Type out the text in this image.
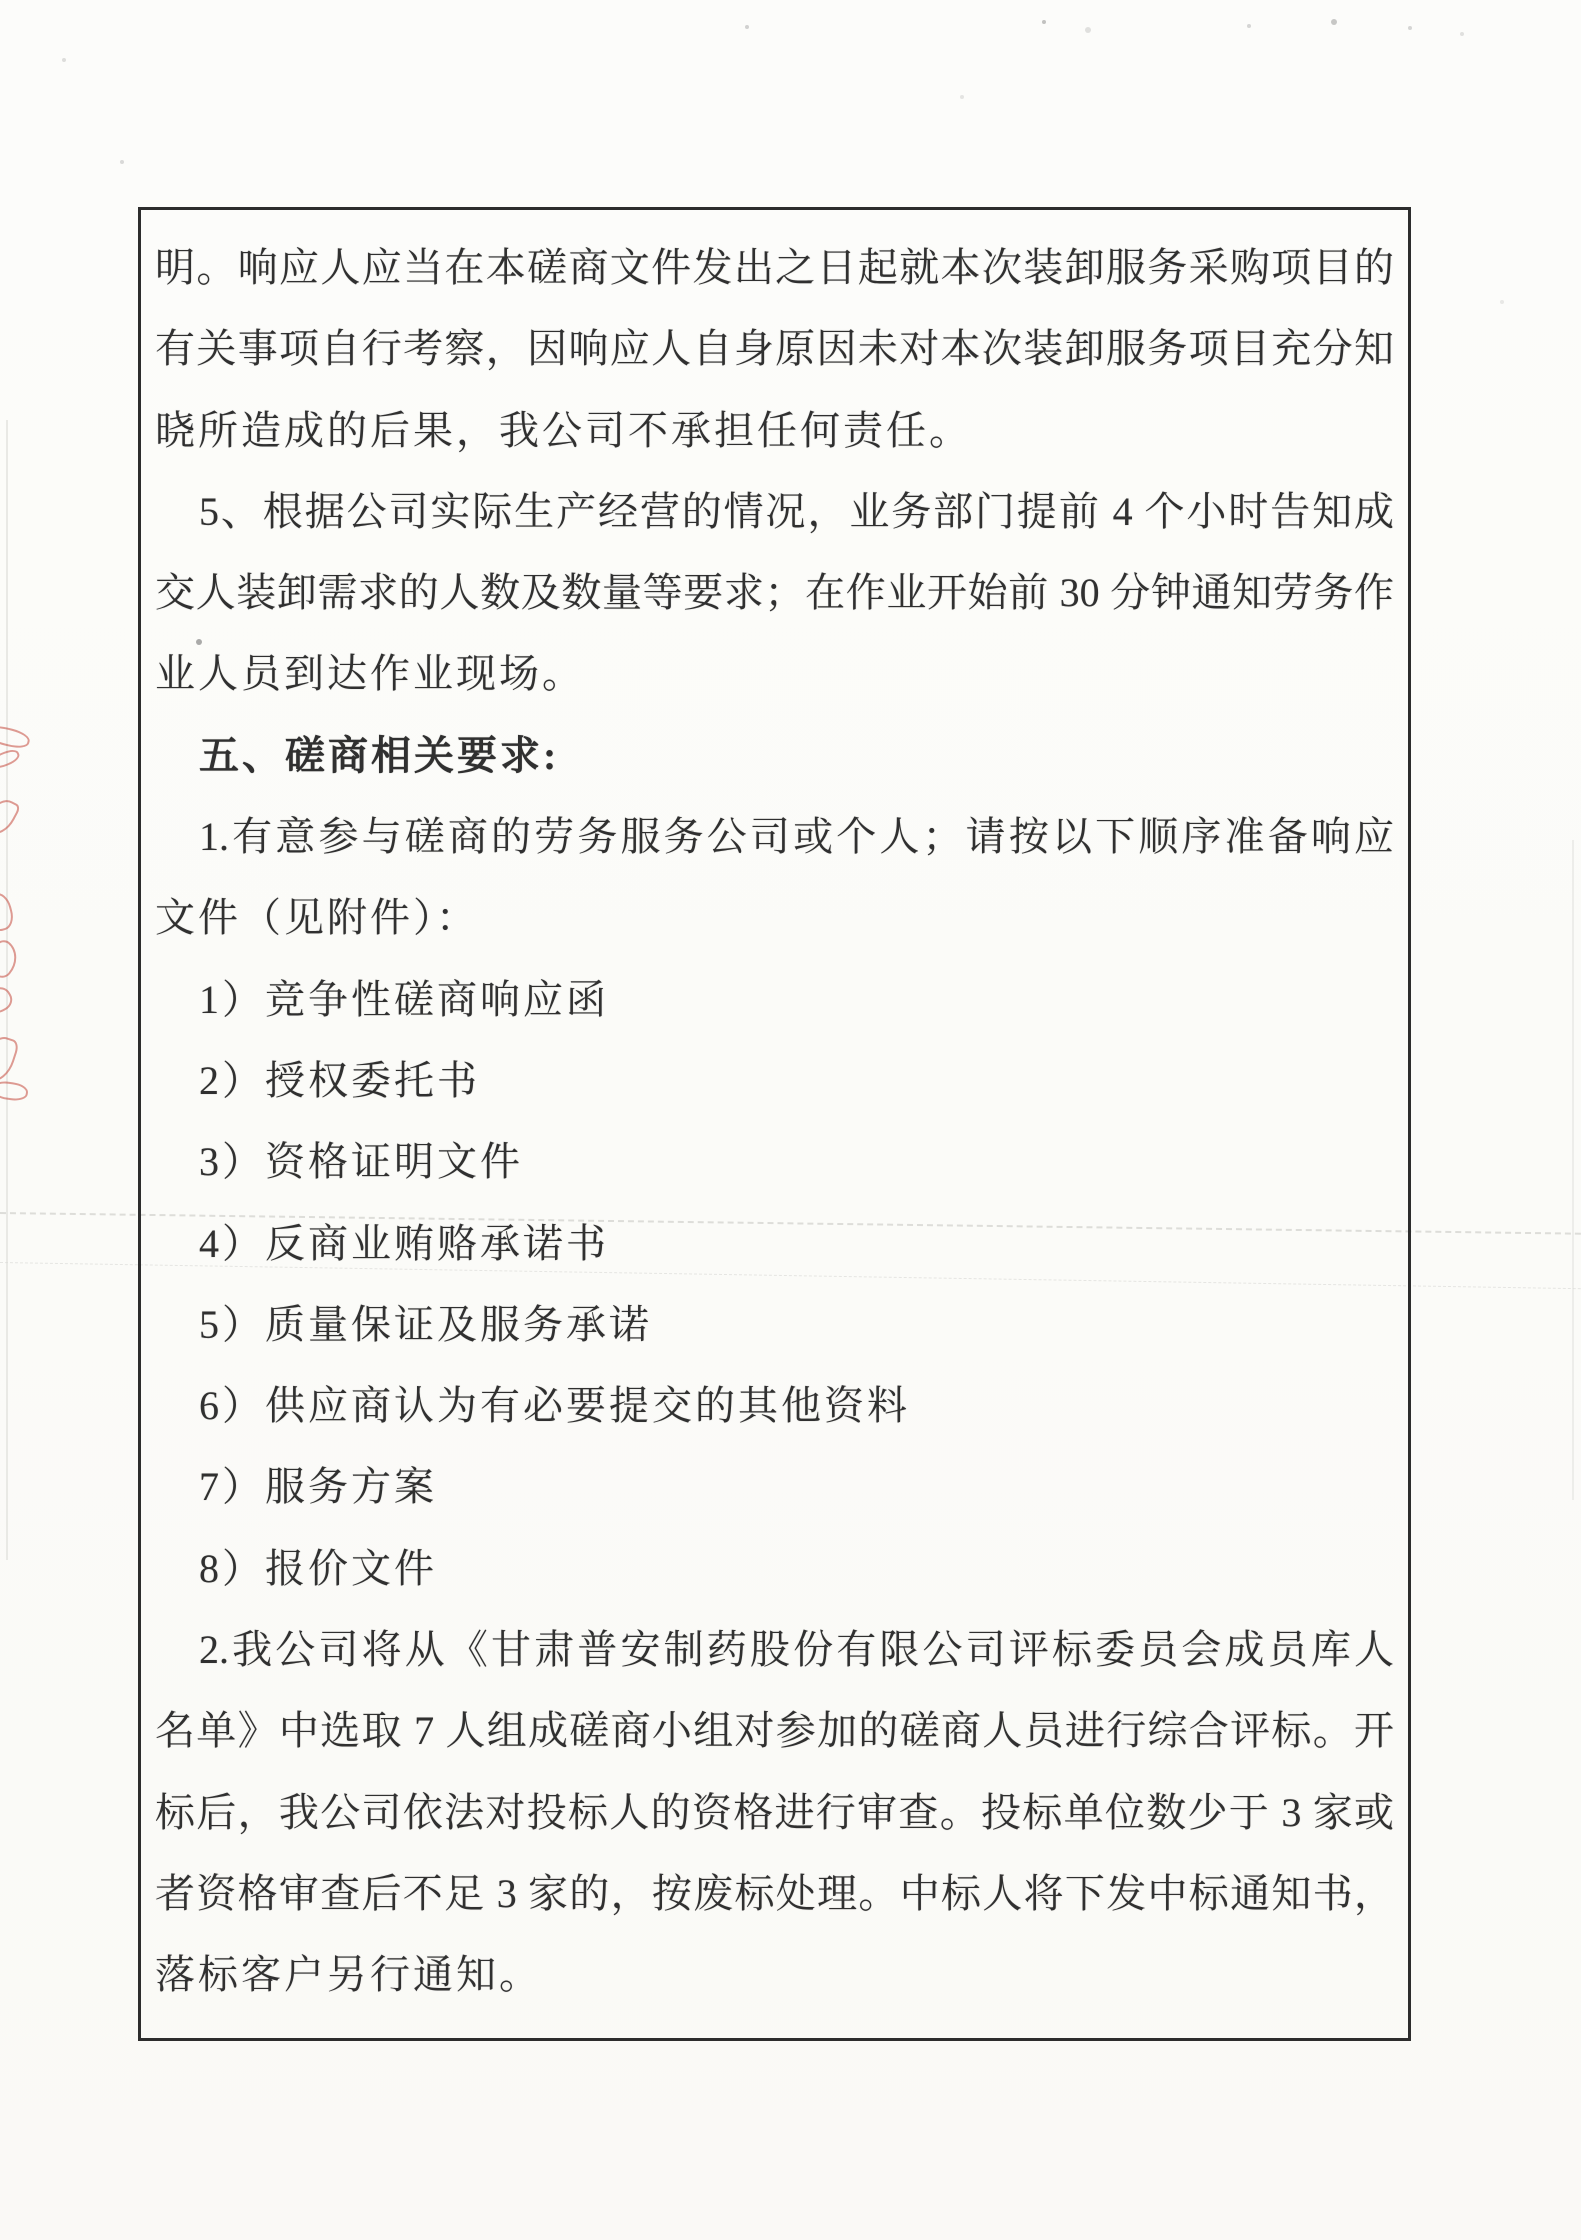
明。响应人应当在本磋商文件发出之日起就本次装卸服务采购项目的
有关事项自行考察，因响应人自身原因未对本次装卸服务项目充分知
晓所造成的后果，我公司不承担任何责任。
5、根据公司实际生产经营的情况，业务部门提前 4 个小时告知成
交人装卸需求的人数及数量等要求；在作业开始前 30 分钟通知劳务作
业人员到达作业现场。
五、磋商相关要求:
1.有意参与磋商的劳务服务公司或个人；请按以下顺序准备响应
文件（见附件）：
1）竞争性磋商响应函
2）授权委托书
3）资格证明文件
4）反商业贿赂承诺书
5）质量保证及服务承诺
6）供应商认为有必要提交的其他资料
7）服务方案
8）报价文件
2.我公司将从《甘肃普安制药股份有限公司评标委员会成员库人
名单》中选取 7 人组成磋商小组对参加的磋商人员进行综合评标。开
标后，我公司依法对投标人的资格进行审查。投标单位数少于 3 家或
者资格审查后不足 3 家的，按废标处理。中标人将下发中标通知书，
落标客户另行通知。
